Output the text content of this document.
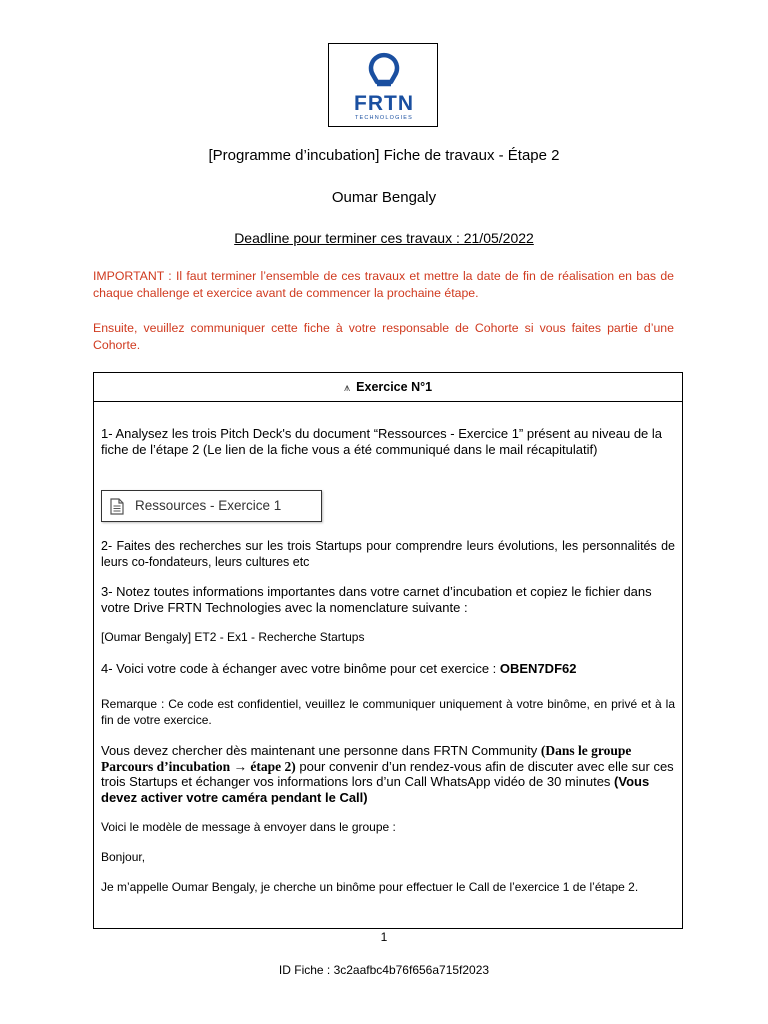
FRTN
TECHNOLOGIES
[Programme d’incubation] Fiche de travaux - Étape 2
Oumar Bengaly
Deadline pour terminer ces travaux : 21/05/2022
IMPORTANT : Il faut terminer l’ensemble de ces travaux et mettre la date de fin de réalisation en bas de chaque challenge et exercice avant de commencer la prochaine étape.
Ensuite, veuillez communiquer cette fiche à votre responsable de Cohorte si vous faites partie d’une Cohorte.
⩚ Exercice N°1
1- Analysez les trois Pitch Deck's du document “Ressources - Exercice 1” présent au niveau de la fiche de l’étape 2 (Le lien de la fiche vous a été communiqué dans le mail récapitulatif)
Ressources - Exercice 1
2- Faites des recherches sur les trois Startups pour comprendre leurs évolutions, les personnalités de leurs co-fondateurs, leurs cultures etc
3- Notez toutes informations importantes dans votre carnet d’incubation et copiez le fichier dans votre Drive FRTN Technologies avec la nomenclature suivante :
[Oumar Bengaly] ET2 - Ex1 - Recherche Startups
4- Voici votre code à échanger avec votre binôme pour cet exercice : OBEN7DF62
Remarque : Ce code est confidentiel, veuillez le communiquer uniquement à votre binôme, en privé et à la fin de votre exercice.
Vous devez chercher dès maintenant une personne dans FRTN Community (Dans le groupe Parcours d’incubation → étape 2) pour convenir d’un rendez-vous afin de discuter avec elle sur ces trois Startups et échanger vos informations lors d’un Call WhatsApp vidéo de 30 minutes (Vous devez activer votre caméra pendant le Call)
Voici le modèle de message à envoyer dans le groupe :
Bonjour,
Je m’appelle Oumar Bengaly, je cherche un binôme pour effectuer le Call de l’exercice 1 de l’étape 2.
1
ID Fiche : 3c2aafbc4b76f656a715f2023
